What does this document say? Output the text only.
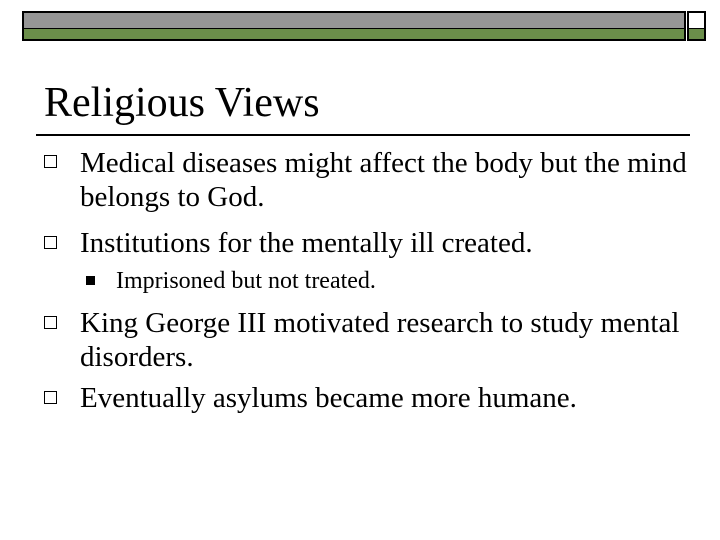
Religious Views
Medical diseases might affect the body but the mind belongs to God.
Institutions for the mentally ill created.
Imprisoned but not treated.
King George III motivated research to study mental disorders.
Eventually asylums became more humane.
